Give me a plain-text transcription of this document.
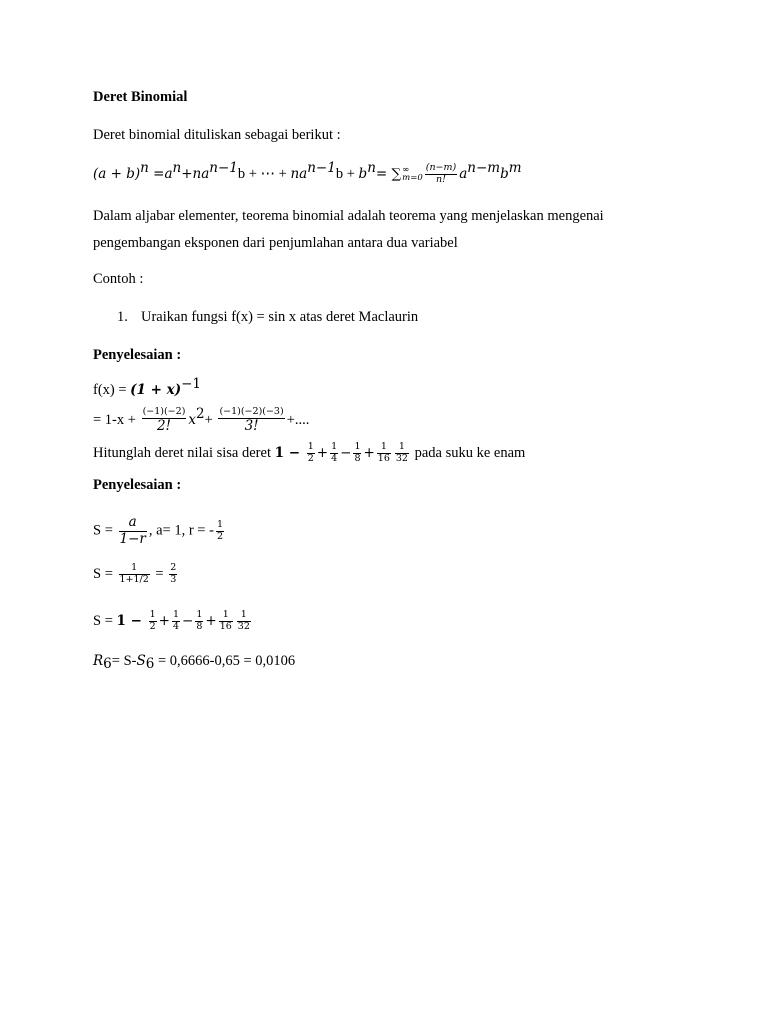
Deret Binomial
Deret binomial dituliskan sebagai berikut :
$(a + b)^n =a^n+na^{n-1}b$ + ⋯ + $na^{n-1}b + b^n=$ ∑ ∞
$m=0 \frac{(n-m)}{n!} a^{n-m}b^m$
Dalam aljabar elementer, teorema binomial adalah teorema yang menjelaskan mengenai
pengembangan eksponen dari penjumlahan antara dua variabel
Contoh :
1. Uraikan fungsi f(x) = sin x atas deret Maclaurin
Penyelesaian :
$f(x) = (1 + x)^{-1}$
= $1-x + \frac{(-1)(-2)}{2!} x^2+ \frac{(-1)(-2)(-3)}{3!}$ +....
Hitunglah deret nilai sisa deret $1 - \frac{1}{2} + \frac{1}{4} - \frac{1}{8} + \frac{1}{16} \frac{1}{32}$ pada suku ke enam
Penyelesaian :
$S = \frac{a}{1-r}$ , a= 1, r = - $\frac{1}{2}$
$S = \frac{1}{1+1/2} = \frac{2}{3}$
$S = 1 - \frac{1}{2} + \frac{1}{4} - \frac{1}{8} + \frac{1}{16} \frac{1}{32}$
$R_6= S-S_6 = 0,6666-0,65 = 0,0106$
